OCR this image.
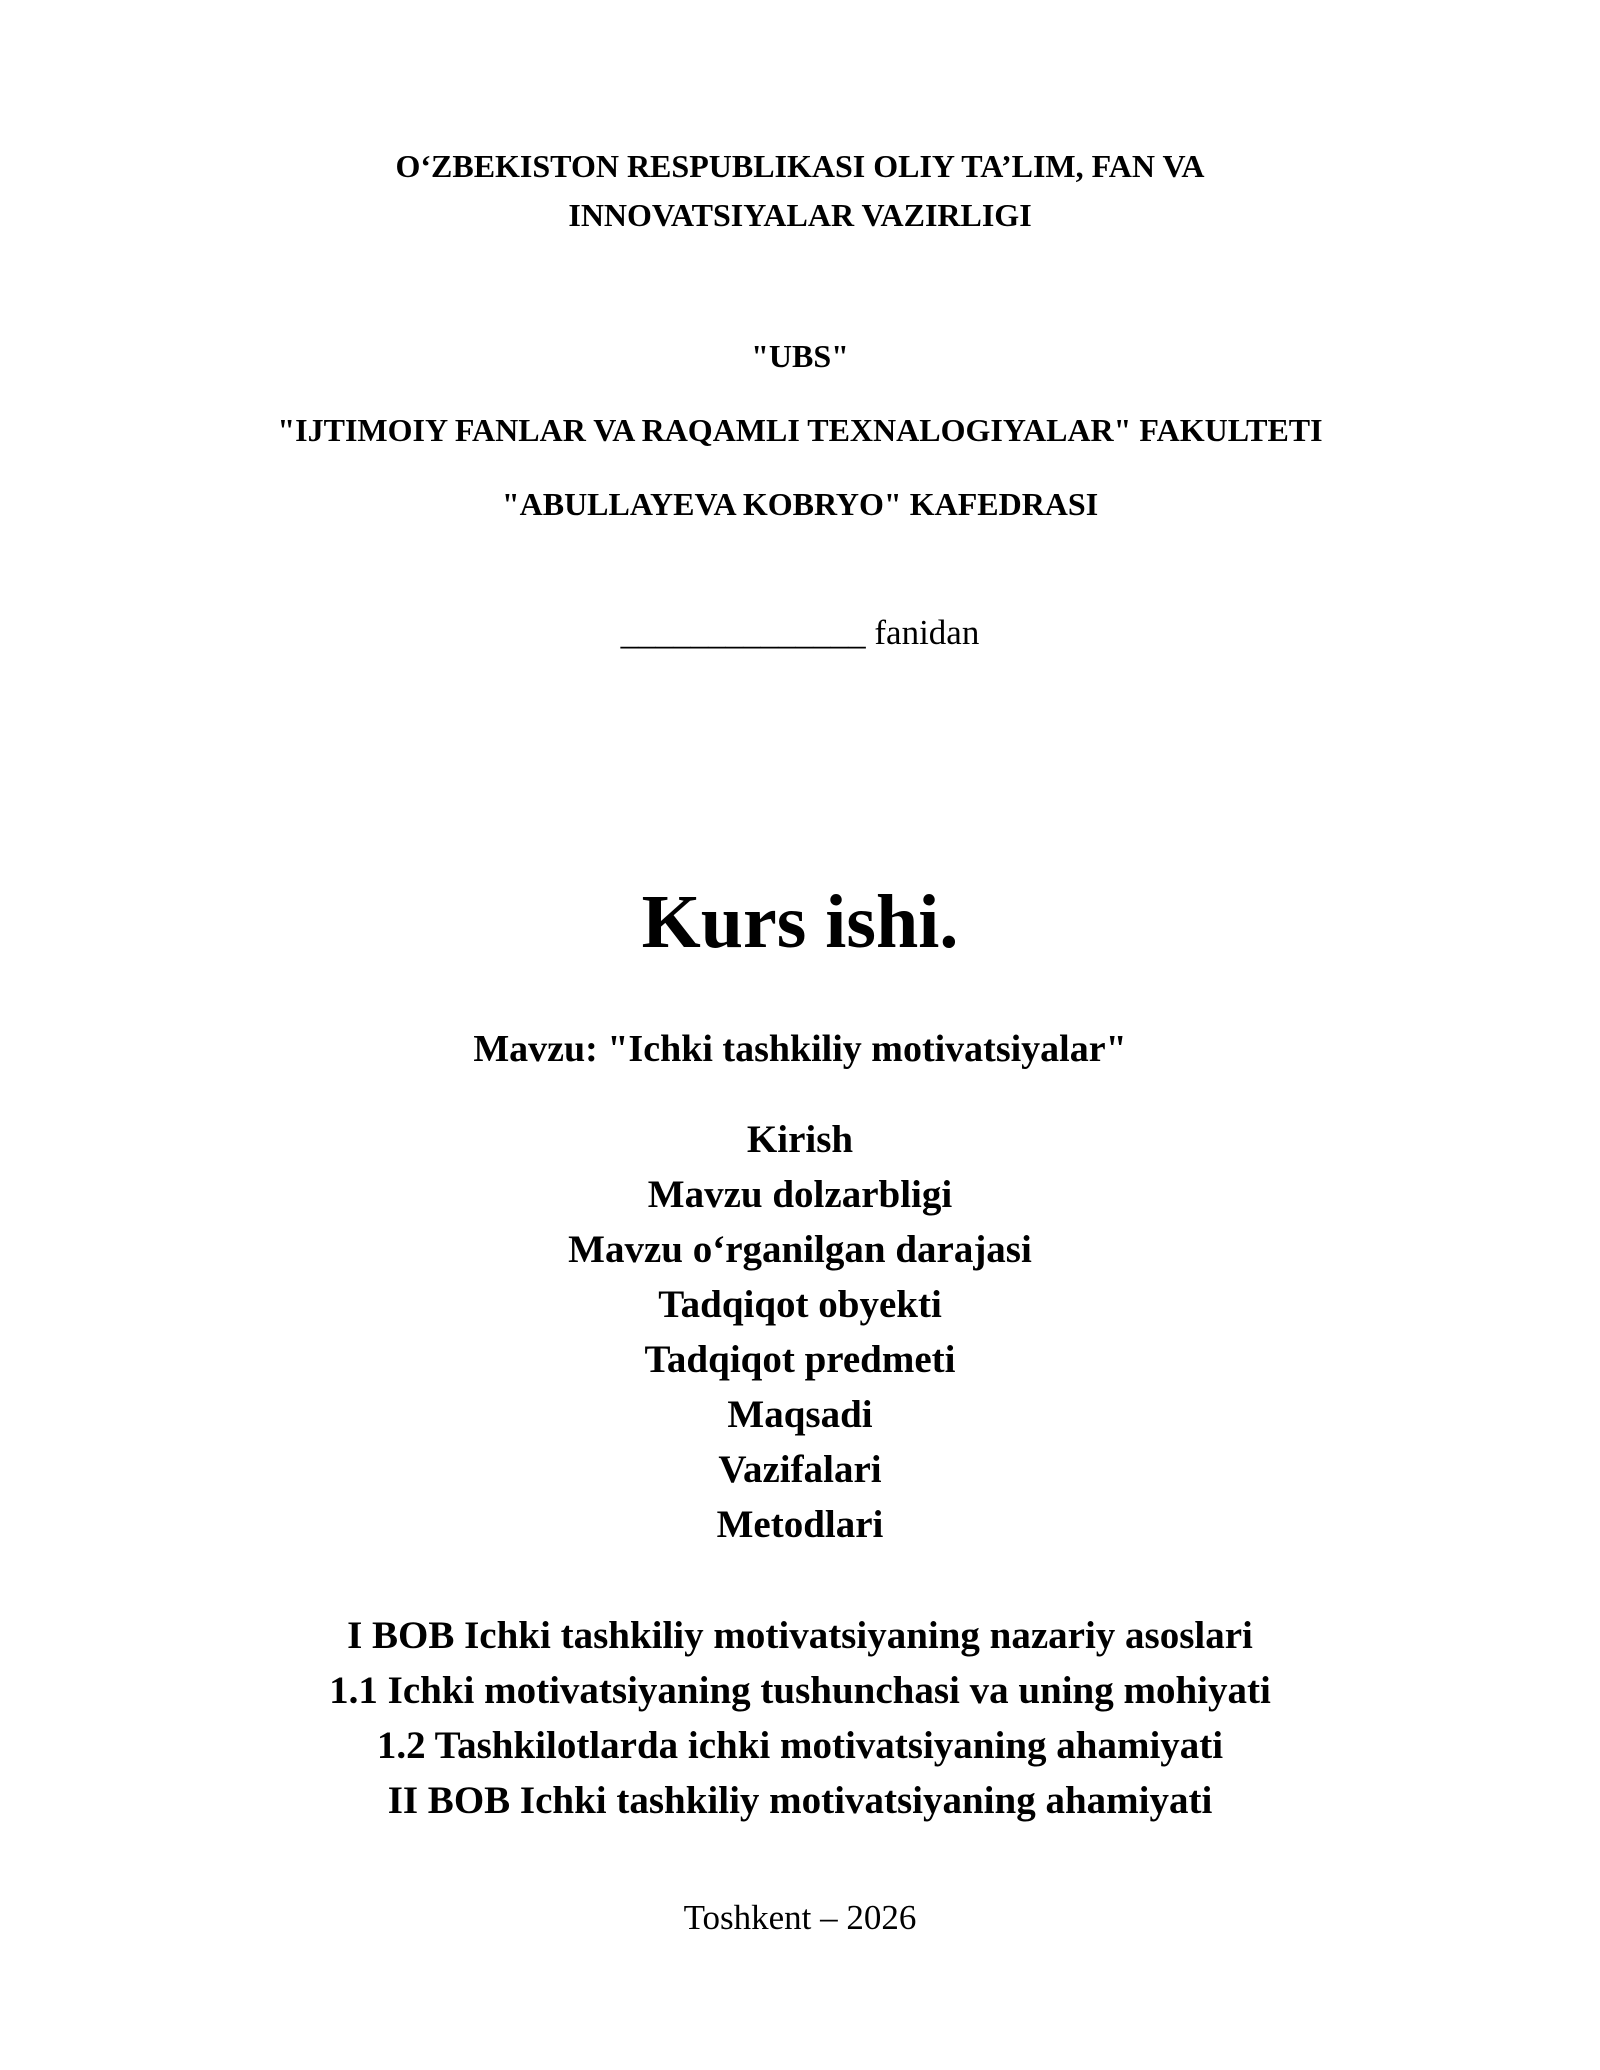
O‘ZBEKISTON RESPUBLIKASI OLIY TA’LIM, FAN VA
INNOVATSIYALAR VAZIRLIGI
"UBS"
"IJTIMOIY FANLAR VA RAQAMLI TEXNALOGIYALAR" FAKULTETI
"ABULLAYEVA KOBRYO" KAFEDRASI
______________ fanidan
Kurs ishi.
Mavzu: "Ichki tashkiliy motivatsiyalar"
Kirish
Mavzu dolzarbligi
Mavzu o‘rganilgan darajasi
Tadqiqot obyekti
Tadqiqot predmeti
Maqsadi
Vazifalari
Metodlari
I BOB Ichki tashkiliy motivatsiyaning nazariy asoslari
1.1 Ichki motivatsiyaning tushunchasi va uning mohiyati
1.2 Tashkilotlarda ichki motivatsiyaning ahamiyati
II BOB Ichki tashkiliy motivatsiyaning ahamiyati
Toshkent – 2026
